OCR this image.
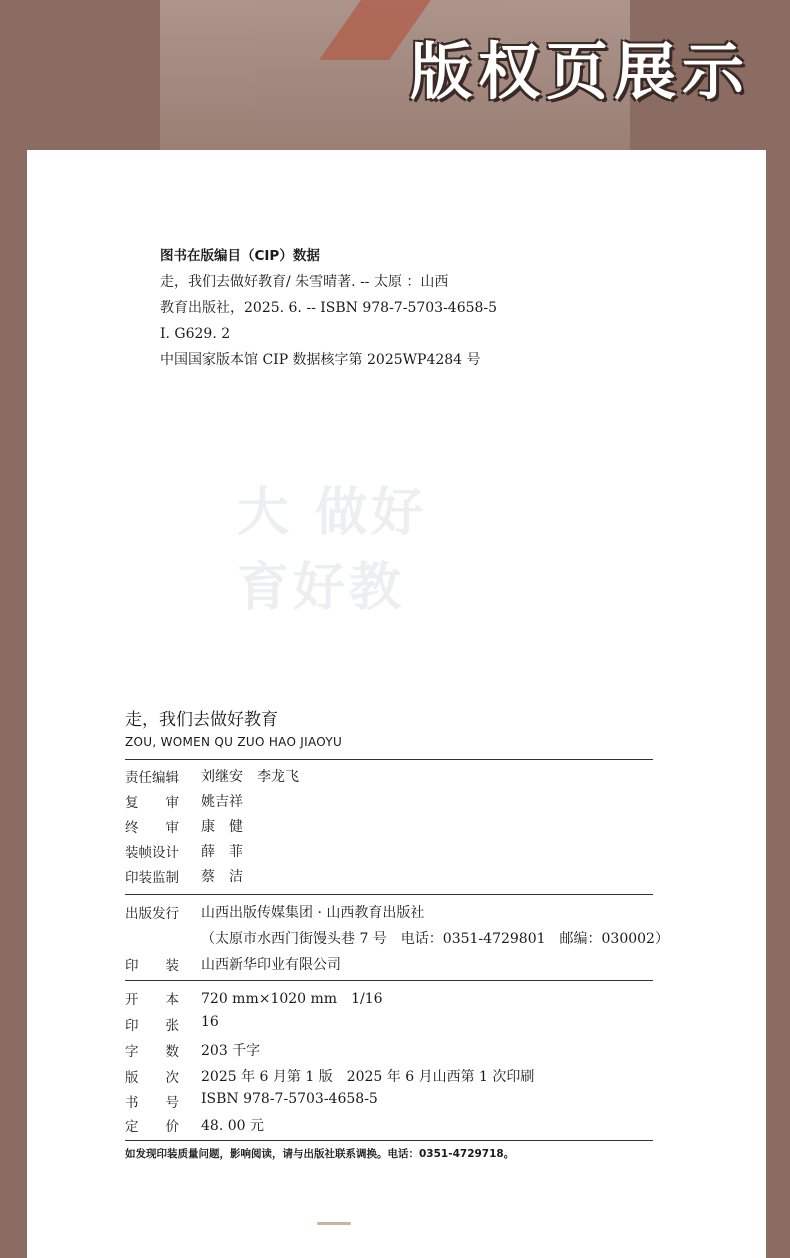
版权页展示
大 做好
育好教
图书在版编目（CIP）数据
走，我们去做好教育/ 朱雪晴著. -- 太原 ：山西
教育出版社，2025. 6. -- ISBN 978-7-5703-4658-5
Ⅰ. G629. 2
中国国家版本馆 CIP 数据核字第 2025WP4284 号
走，我们去做好教育
ZOU, WOMEN QU ZUO HAO JIAOYU
责任编辑	刘继安　李龙飞
复　　审	姚吉祥
终　　审	康　健
装帧设计	薛　菲
印装监制	蔡　洁
出版发行	山西出版传媒集团 · 山西教育出版社
（太原市水西门街馒头巷 7 号　电话：0351-4729801　邮编：030002）
印　　装	山西新华印业有限公司
开　　本	720 mm×1020 mm　1/16
印　　张	16
字　　数	203 千字
版　　次	2025 年 6 月第 1 版　2025 年 6 月山西第 1 次印刷
书　　号	ISBN 978-7-5703-4658-5
定　　价	48. 00 元
如发现印装质量问题，影响阅读，请与出版社联系调换。电话：0351-4729718。
